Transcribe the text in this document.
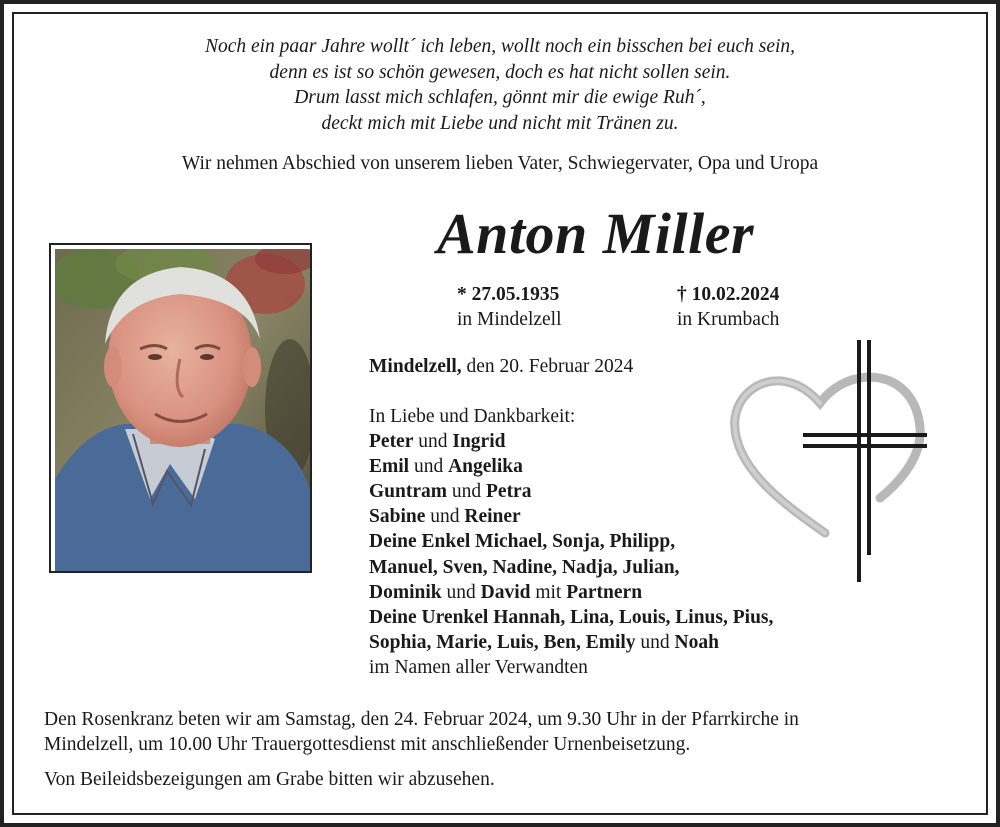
Noch ein paar Jahre wollt´ ich leben, wollt noch ein bisschen bei euch sein,
denn es ist so schön gewesen, doch es hat nicht sollen sein.
Drum lasst mich schlafen, gönnt mir die ewige Ruh´,
deckt mich mit Liebe und nicht mit Tränen zu.
Wir nehmen Abschied von unserem lieben Vater, Schwiegervater, Opa und Uropa
Anton Miller
* 27.05.1935
in Mindelzell
† 10.02.2024
in Krumbach
Mindelzell, den 20. Februar 2024
In Liebe und Dankbarkeit:
Peter und Ingrid
Emil und Angelika
Guntram und Petra
Sabine und Reiner
Deine Enkel Michael, Sonja, Philipp,
Manuel, Sven, Nadine, Nadja, Julian,
Dominik und David mit Partnern
Deine Urenkel Hannah, Lina, Louis, Linus, Pius,
Sophia, Marie, Luis, Ben, Emily und Noah
im Namen aller Verwandten
Den Rosenkranz beten wir am Samstag, den 24. Februar 2024, um 9.30 Uhr in der Pfarrkirche in
Mindelzell, um 10.00 Uhr Trauergottesdienst mit anschließender Urnenbeisetzung.
Von Beileidsbezeigungen am Grabe bitten wir abzusehen.
